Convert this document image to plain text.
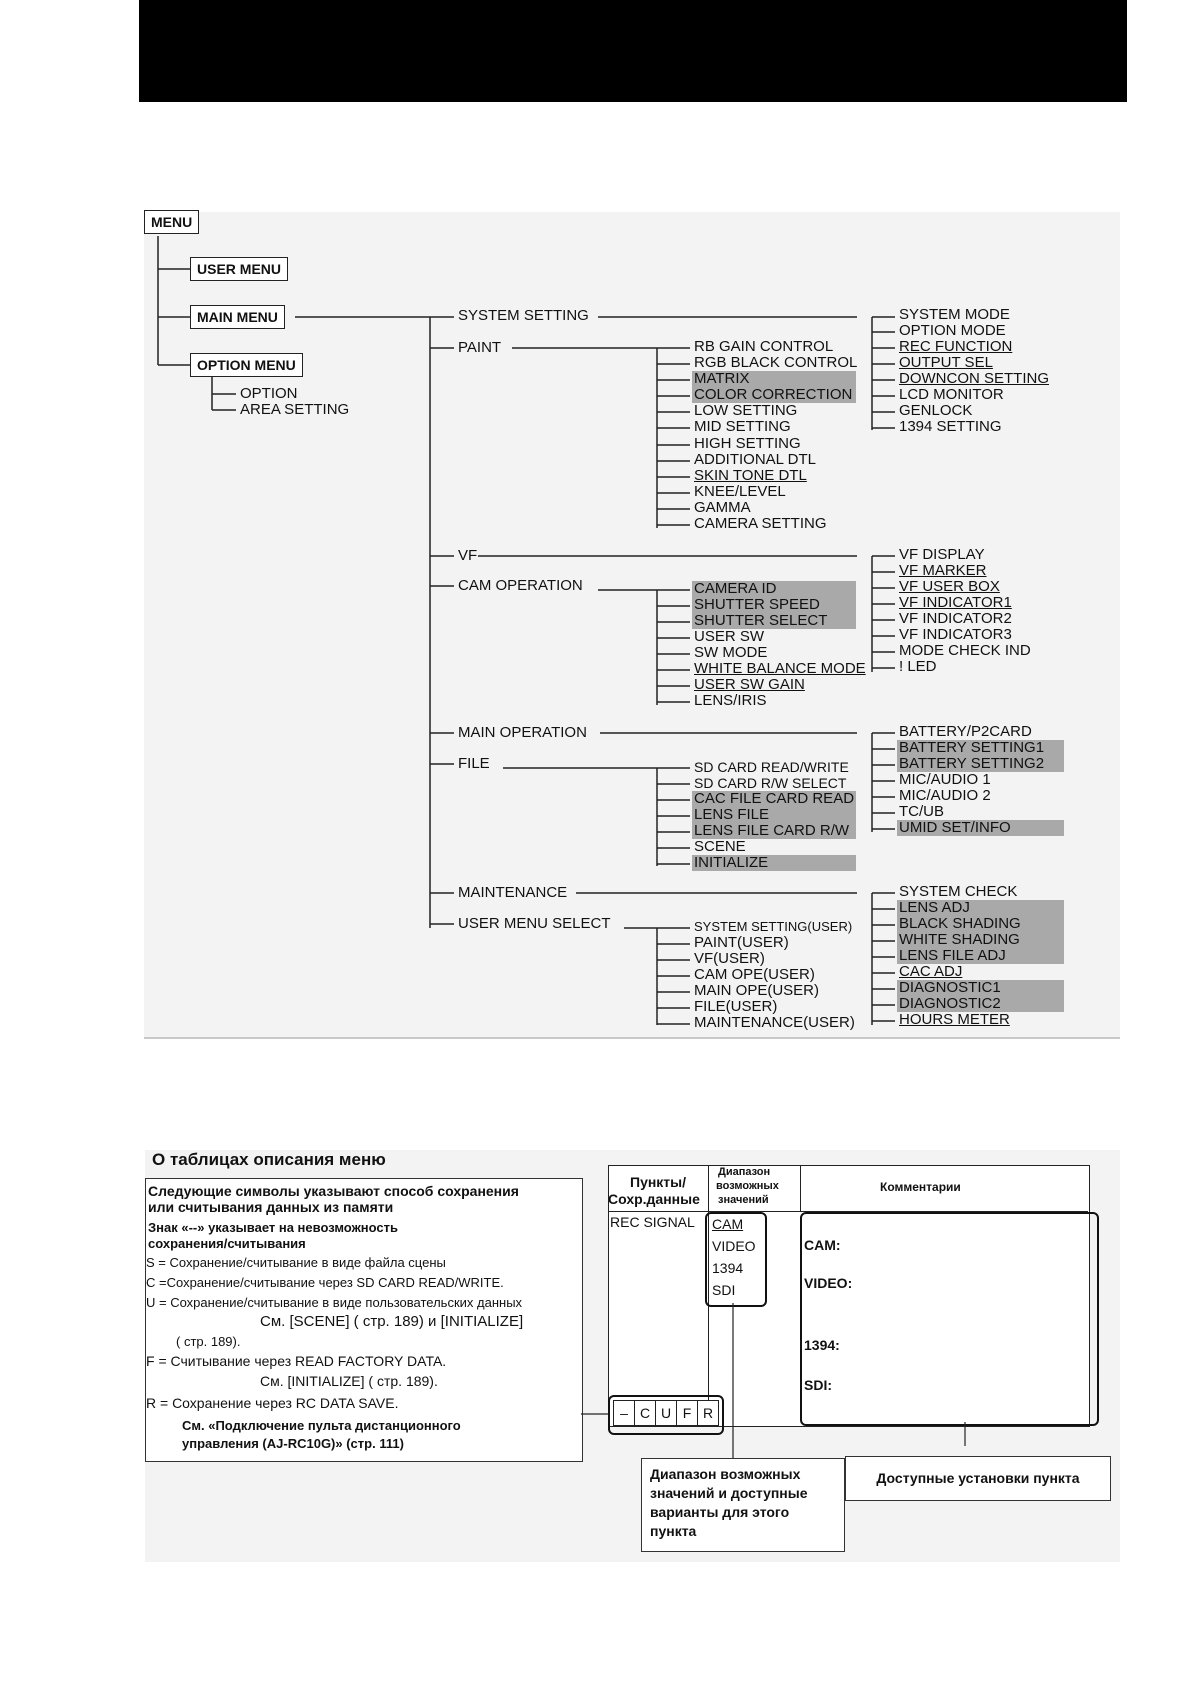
MENU
USER MENU
MAIN MENU
OPTION MENU
OPTION
AREA SETTING
SYSTEM SETTING
PAINT
VF
CAM OPERATION
MAIN OPERATION
FILE
MAINTENANCE
USER MENU SELECT
SYSTEM MODE
OPTION MODE
REC FUNCTION
OUTPUT SEL
DOWNCON SETTING
LCD MONITOR
GENLOCK
1394 SETTING
RB GAIN CONTROL
RGB BLACK CONTROL
MATRIX
COLOR CORRECTION
LOW SETTING
MID SETTING
HIGH SETTING
ADDITIONAL DTL
SKIN TONE DTL
KNEE/LEVEL
GAMMA
CAMERA SETTING
VF DISPLAY
VF MARKER
VF USER BOX
VF INDICATOR1
VF INDICATOR2
VF INDICATOR3
MODE CHECK IND
! LED
CAMERA ID
SHUTTER SPEED
SHUTTER SELECT
USER SW
SW MODE
WHITE BALANCE MODE
USER SW GAIN
LENS/IRIS
BATTERY/P2CARD
BATTERY SETTING1
BATTERY SETTING2
MIC/AUDIO 1
MIC/AUDIO 2
TC/UB
UMID SET/INFO
SD CARD READ/WRITE
SD CARD R/W SELECT
CAC FILE CARD READ
LENS FILE
LENS FILE CARD R/W
SCENE
INITIALIZE
SYSTEM CHECK
LENS ADJ
BLACK SHADING
WHITE SHADING
LENS FILE ADJ
CAC ADJ
DIAGNOSTIC1
DIAGNOSTIC2
HOURS METER
SYSTEM SETTING(USER)
PAINT(USER)
VF(USER)
CAM OPE(USER)
MAIN OPE(USER)
FILE(USER)
MAINTENANCE(USER)
О таблицах описания меню
Следующие символы указывают способ сохранения
или считывания данных из памяти
Знак «--» указывает на невозможность
сохранения/считывания
S = Сохранение/считывание в виде файла сцены
C =Сохранение/считывание через SD CARD READ/WRITE.
U = Сохранение/считывание в виде пользовательских данных
См. [SCENE] ( стр. 189) и [INITIALIZE]
( стр. 189).
F = Считывание через READ FACTORY DATA.
См. [INITIALIZE] ( стр. 189).
R = Сохранение через RC DATA SAVE.
См. «Подключение пульта дистанционного
управления (AJ-RC10G)» (стр. 111)
Пункты/
Сохр.данные
Диапазон
возможных
значений
Комментарии
REC SIGNAL CAM
VIDEO
1394
SDI
CAM:
VIDEO:
1394:
SDI:
– C U F R
Диапазон возможных
значений и доступные
варианты для этого
пункта
Доступные установки пункта
